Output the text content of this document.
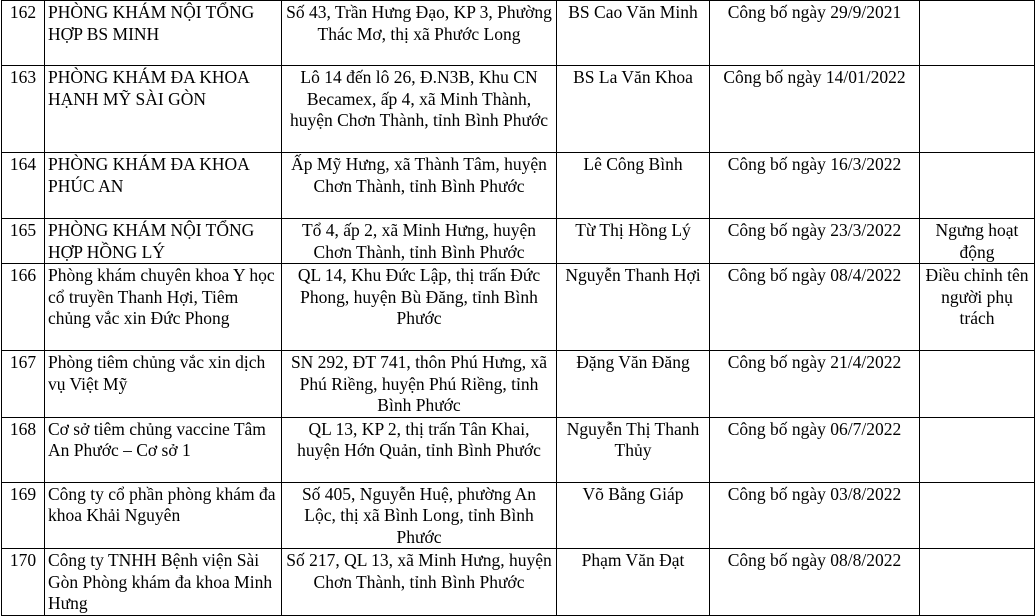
162	PHÒNG KHÁM NỘI TỔNG HỢP BS MINH	Số 43, Trần Hưng Đạo, KP 3, Phường Thác Mơ, thị xã Phước Long	BS Cao Văn Minh	Công bố ngày 29/9/2021	
163	PHÒNG KHÁM ĐA KHOA HẠNH MỸ SÀI GÒN	Lô 14 đến lô 26, Đ.N3B, Khu CN Becamex, ấp 4, xã Minh Thành, huyện Chơn Thành, tỉnh Bình Phước	BS La Văn Khoa	Công bố ngày 14/01/2022	
164	PHÒNG KHÁM ĐA KHOA PHÚC AN	Ấp Mỹ Hưng, xã Thành Tâm, huyện Chơn Thành, tỉnh Bình Phước	Lê Công Bình	Công bố ngày 16/3/2022	
165	PHÒNG KHÁM NỘI TỔNG HỢP HỒNG LÝ	Tổ 4, ấp 2, xã Minh Hưng, huyện Chơn Thành, tỉnh Bình Phước	Từ Thị Hồng Lý	Công bố ngày 23/3/2022	Ngưng hoạt động
166	Phòng khám chuyên khoa Y học cổ truyền Thanh Hợi, Tiêm chủng vắc xin Đức Phong	QL 14, Khu Đức Lập, thị trấn Đức Phong, huyện Bù Đăng, tỉnh Bình Phước	Nguyễn Thanh Hợi	Công bố ngày 08/4/2022	Điều chỉnh tên người phụ trách
167	Phòng tiêm chủng vắc xin dịch vụ Việt Mỹ	SN 292, ĐT 741, thôn Phú Hưng, xã Phú Riềng, huyện Phú Riềng, tỉnh Bình Phước	Đặng Văn Đăng	Công bố ngày 21/4/2022	
168	Cơ sở tiêm chủng vaccine Tâm An Phước – Cơ sở 1	QL 13, KP 2, thị trấn Tân Khai, huyện Hớn Quản, tỉnh Bình Phước	Nguyễn Thị Thanh Thủy	Công bố ngày 06/7/2022	
169	Công ty cổ phần phòng khám đa khoa Khải Nguyên	Số 405, Nguyễn Huệ, phường An Lộc, thị xã Bình Long, tỉnh Bình Phước	Võ Bằng Giáp	Công bố ngày 03/8/2022	
170	Công ty TNHH Bệnh viện Sài Gòn Phòng khám đa khoa Minh Hưng	Số 217, QL 13, xã Minh Hưng, huyện Chơn Thành, tỉnh Bình Phước	Phạm Văn Đạt	Công bố ngày 08/8/2022	
